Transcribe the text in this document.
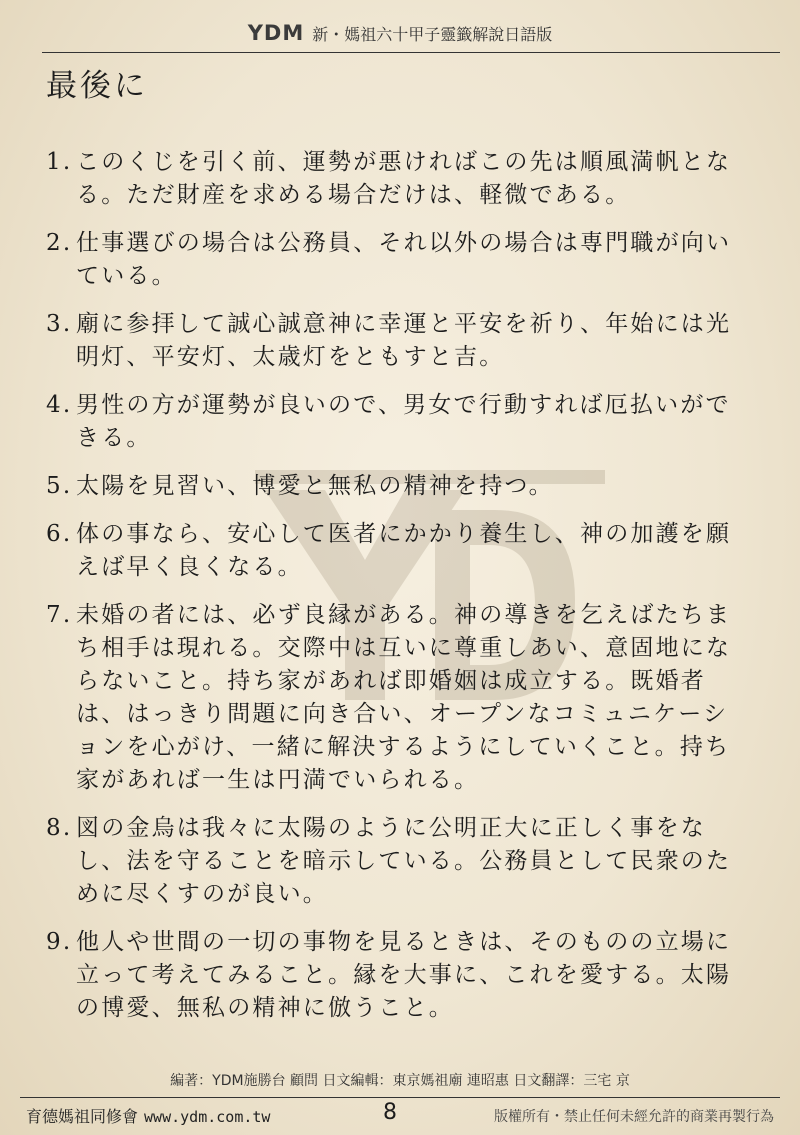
YDM 新・媽祖六十甲子靈籤解說日語版
最後に
1. このくじを引く前、運勢が悪ければこの先は順風満帆となる。ただ財産を求める場合だけは、軽微である。
2. 仕事選びの場合は公務員、それ以外の場合は専門職が向いている。
3. 廟に参拝して誠心誠意神に幸運と平安を祈り、年始には光明灯、平安灯、太歳灯をともすと吉。
4. 男性の方が運勢が良いので、男女で行動すれば厄払いができる。
5. 太陽を見習い、博愛と無私の精神を持つ。
6. 体の事なら、安心して医者にかかり養生し、神の加護を願えば早く良くなる。
7. 未婚の者には、必ず良縁がある。神の導きを乞えばたちまち相手は現れる。交際中は互いに尊重しあい、意固地にならないこと。持ち家があれば即婚姻は成立する。既婚者は、はっきり問題に向き合い、オープンなコミュニケーションを心がけ、一緒に解決するようにしていくこと。持ち家があれば一生は円満でいられる。
8. 図の金烏は我々に太陽のように公明正大に正しく事をなし、法を守ることを暗示している。公務員として民衆のために尽くすのが良い。
9. 他人や世間の一切の事物を見るときは、そのものの立場に立って考えてみること。縁を大事に、これを愛する。太陽の博愛、無私の精神に倣うこと。
編著：YDM施勝台 顧問 日文編輯：東京媽祖廟 連昭惠 日文翻譯：三宅 京
育德媽祖同修會 www.ydm.com.tw	8	版權所有・禁止任何未經允許的商業再製行為
